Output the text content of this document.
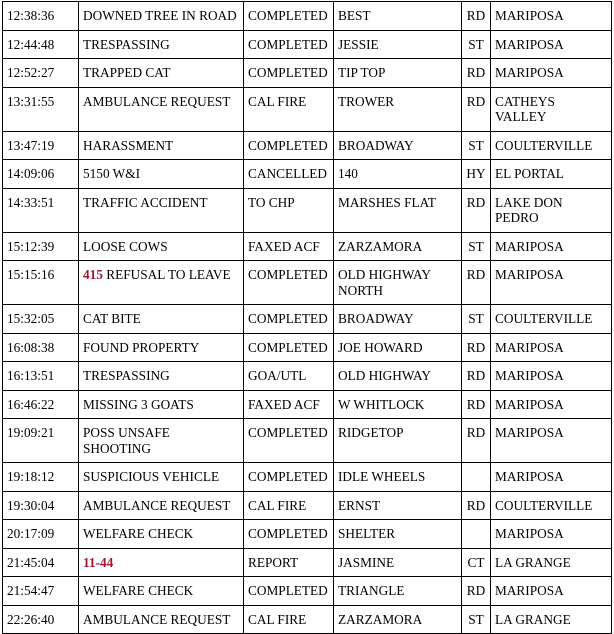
12:38:36	DOWNED TREE IN ROAD	COMPLETED	BEST	RD	MARIPOSA
12:44:48	TRESPASSING	COMPLETED	JESSIE	ST	MARIPOSA
12:52:27	TRAPPED CAT	COMPLETED	TIP TOP	RD	MARIPOSA
13:31:55	AMBULANCE REQUEST	CAL FIRE	TROWER	RD	CATHEYS VALLEY
13:47:19	HARASSMENT	COMPLETED	BROADWAY	ST	COULTERVILLE
14:09:06	5150 W&I	CANCELLED	140	HY	EL PORTAL
14:33:51	TRAFFIC ACCIDENT	TO CHP	MARSHES FLAT	RD	LAKE DON PEDRO
15:12:39	LOOSE COWS	FAXED ACF	ZARZAMORA	ST	MARIPOSA
15:15:16	415 REFUSAL TO LEAVE	COMPLETED	OLD HIGHWAY NORTH	RD	MARIPOSA
15:32:05	CAT BITE	COMPLETED	BROADWAY	ST	COULTERVILLE
16:08:38	FOUND PROPERTY	COMPLETED	JOE HOWARD	RD	MARIPOSA
16:13:51	TRESPASSING	GOA/UTL	OLD HIGHWAY	RD	MARIPOSA
16:46:22	MISSING 3 GOATS	FAXED ACF	W WHITLOCK	RD	MARIPOSA
19:09:21	POSS UNSAFE SHOOTING	COMPLETED	RIDGETOP	RD	MARIPOSA
19:18:12	SUSPICIOUS VEHICLE	COMPLETED	IDLE WHEELS		MARIPOSA
19:30:04	AMBULANCE REQUEST	CAL FIRE	ERNST	RD	COULTERVILLE
20:17:09	WELFARE CHECK	COMPLETED	SHELTER		MARIPOSA
21:45:04	11-44	REPORT	JASMINE	CT	LA GRANGE
21:54:47	WELFARE CHECK	COMPLETED	TRIANGLE	RD	MARIPOSA
22:26:40	AMBULANCE REQUEST	CAL FIRE	ZARZAMORA	ST	LA GRANGE
